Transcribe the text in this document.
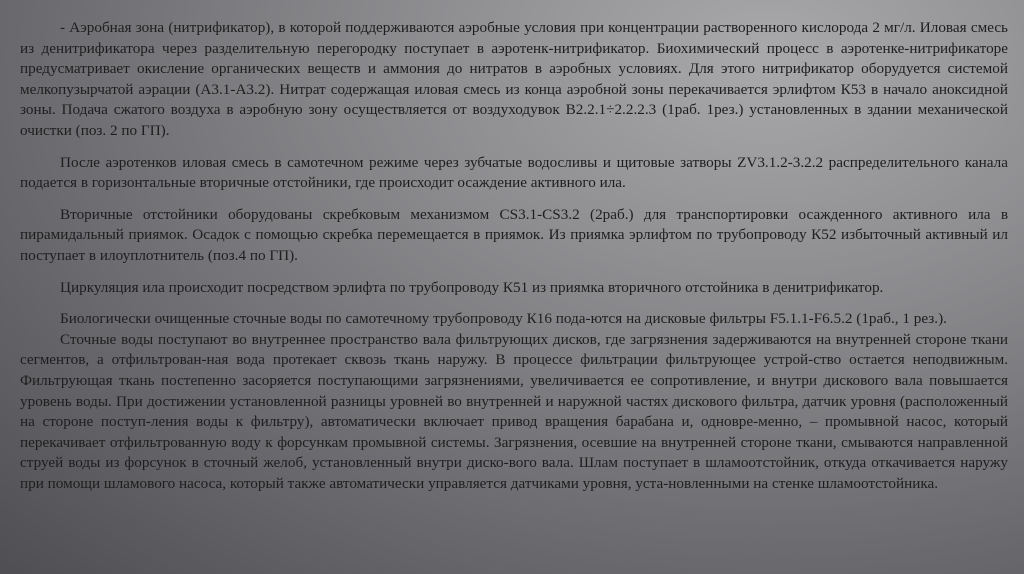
- Аэробная зона (нитрификатор), в которой поддерживаются аэробные условия при концентрации растворенного кислорода 2 мг/л. Иловая смесь из денитрификатора через разделительную перегородку поступает в аэротенк-нитрификатор. Биохимический процесс в аэротенке-нитрификаторе предусматривает окисление органических веществ и аммония до нитратов в аэробных условиях. Для этого нитрификатор оборудуется системой мелкопузырчатой аэрации (А3.1-А3.2). Нитрат содержащая иловая смесь из конца аэробной зоны перекачивается эрлифтом К53 в начало аноксидной зоны. Подача сжатого воздуха в аэробную зону осуществляется от воздуходувок В2.2.1÷2.2.2.3 (1раб. 1рез.) установленных в здании механической очистки (поз. 2 по ГП).

После аэротенков иловая смесь в самотечном режиме через зубчатые водосливы и щитовые затворы ZV3.1.2-3.2.2 распределительного канала подается в горизонтальные вторичные отстойники, где происходит осаждение активного ила.

Вторичные отстойники оборудованы скребковым механизмом CS3.1-CS3.2 (2раб.) для транспортировки осажденного активного ила в пирамидальный приямок. Осадок с помощью скребка перемещается в приямок. Из приямка эрлифтом по трубопроводу К52 избыточный активный ил поступает в илоуплотнитель (поз.4 по ГП).

Циркуляция ила происходит посредством эрлифта по трубопроводу К51 из приямка вторичного отстойника в денитрификатор.

Биологически очищенные сточные воды по самотечному трубопроводу К16 пода-ются на дисковые фильтры F5.1.1-F6.5.2 (1раб., 1 рез.).

Сточные воды поступают во внутреннее пространство вала фильтрующих дисков, где загрязнения задерживаются на внутренней стороне ткани сегментов, а отфильтрован-ная вода протекает сквозь ткань наружу. В процессе фильтрации фильтрующее устрой-ство остается неподвижным. Фильтрующая ткань постепенно засоряется поступающими загрязнениями, увеличивается ее сопротивление, и внутри дискового вала повышается уровень воды. При достижении установленной разницы уровней во внутренней и наружной частях дискового фильтра, датчик уровня (расположенный на стороне поступ-ления воды к фильтру), автоматически включает привод вращения барабана и, одновре-менно, – промывной насос, который перекачивает отфильтрованную воду к форсункам промывной системы. Загрязнения, осевшие на внутренней стороне ткани, смываются направленной струей воды из форсунок в сточный желоб, установленный внутри диско-вого вала. Шлам поступает в шламоотстойник, откуда откачивается наружу при помощи шламового насоса, который также автоматически управляется датчиками уровня, уста-новленными на стенке шламоотстойника.
